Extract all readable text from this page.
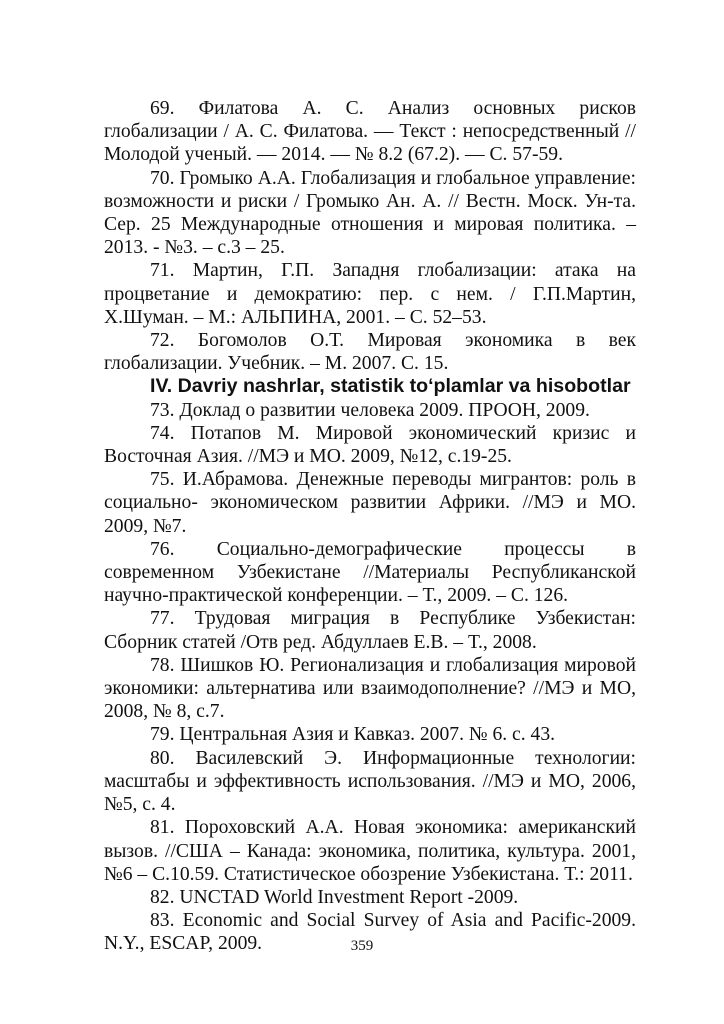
69. Филатова А. С. Анализ основных рисков глобализации / А. С. Филатова. — Текст : непосредственный // Молодой ученый. — 2014. — № 8.2 (67.2). — С. 57-59.

70. Громыко А.А. Глобализация и глобальное управление: возможности и риски / Громыко Ан. А. // Вестн. Моск. Ун-та. Сер. 25 Международные отношения и мировая политика. – 2013. - №3. – с.3 – 25.

71. Мартин, Г.П. Западня глобализации: атака на процветание и демократию: пер. с нем. / Г.П.Мартин, Х.Шуман. – М.: АЛЬПИНА, 2001. – С. 52–53.

72. Богомолов О.Т. Мировая экономика в век глобализации. Учебник. – М. 2007. С. 15.

IV. Davriy nashrlar, statistik to‘plamlar va hisobotlar

73. Доклад о развитии человека 2009. ПРООН, 2009.

74. Потапов М. Мировой экономический кризис и Восточная Азия. //МЭ и МО. 2009, №12, с.19-25.

75. И.Абрамова. Денежные переводы мигрантов: роль в социально- экономическом развитии Африки. //МЭ и МО. 2009, №7.

76. Социально-демографические процессы в современном Узбекистане //Материалы Республиканской научно-практической конференции. – Т., 2009. – С. 126.

77. Трудовая миграция в Республике Узбекистан: Сборник статей /Отв ред. Абдуллаев Е.В. – Т., 2008.

78. Шишков Ю. Регионализация и глобализация мировой экономики: альтернатива или взаимодополнение? //МЭ и МО, 2008, № 8, с.7.

79. Центральная Азия и Кавказ. 2007. № 6. с. 43.

80. Василевский Э. Информационные технологии: масштабы и эффективность использования. //МЭ и МО, 2006, №5, с. 4.

81. Пороховский А.А. Новая экономика: американский вызов. //США – Канада: экономика, политика, культура. 2001, №6 – С.10.59. Статистическое обозрение Узбекистана. Т.: 2011.

82. UNCTAD World Investment Report -2009.

83. Economic and Social Survey of Asia and Pacific-2009. N.Y., ESCAP, 2009.	359
